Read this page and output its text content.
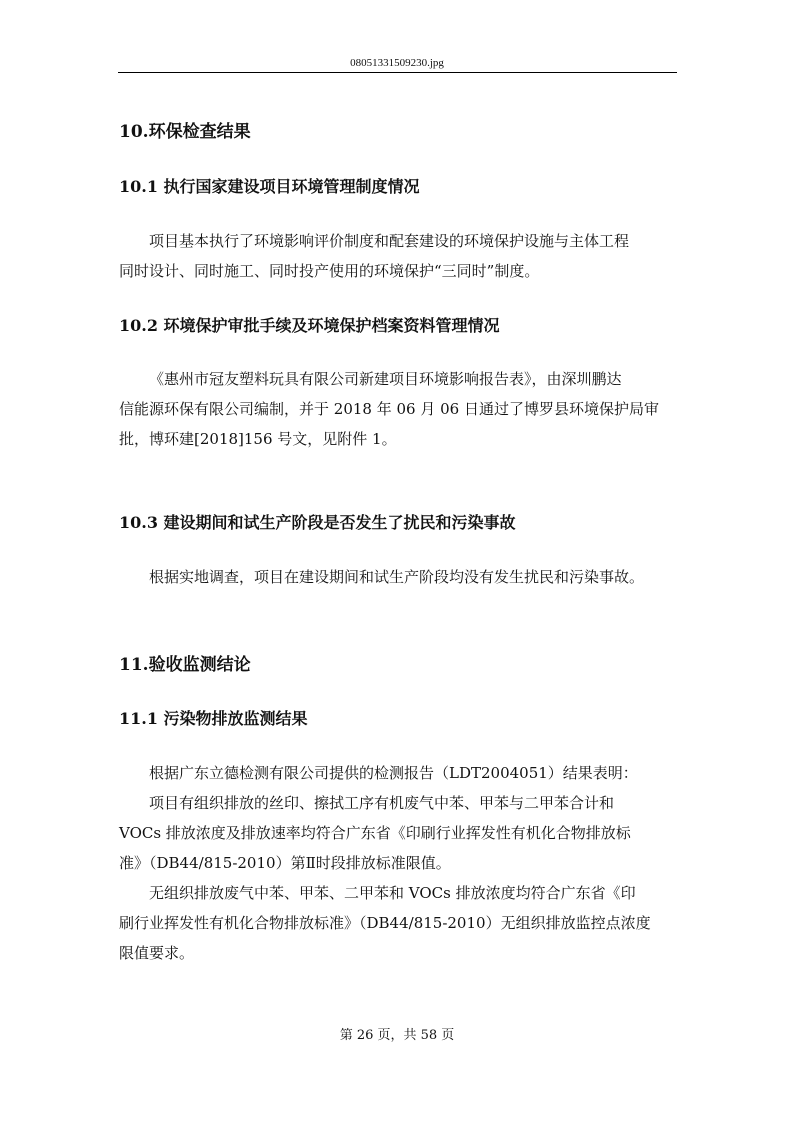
08051331509230.jpg
10.环保检查结果
10.1 执行国家建设项目环境管理制度情况
项目基本执行了环境影响评价制度和配套建设的环境保护设施与主体工程
同时设计、同时施工、同时投产使用的环境保护“三同时”制度。
10.2 环境保护审批手续及环境保护档案资料管理情况
《惠州市冠友塑料玩具有限公司新建项目环境影响报告表》，由深圳鹏达
信能源环保有限公司编制，并于 2018 年 06 月 06 日通过了博罗县环境保护局审
批，博环建[2018]156 号文，见附件 1。
10.3 建设期间和试生产阶段是否发生了扰民和污染事故
根据实地调查，项目在建设期间和试生产阶段均没有发生扰民和污染事故。
11.验收监测结论
11.1 污染物排放监测结果
根据广东立德检测有限公司提供的检测报告（LDT2004051）结果表明：
项目有组织排放的丝印、擦拭工序有机废气中苯、甲苯与二甲苯合计和
VOCs 排放浓度及排放速率均符合广东省《印刷行业挥发性有机化合物排放标
准》（DB44/815-2010）第Ⅱ时段排放标准限值。
无组织排放废气中苯、甲苯、二甲苯和 VOCs 排放浓度均符合广东省《印
刷行业挥发性有机化合物排放标准》（DB44/815-2010）无组织排放监控点浓度
限值要求。
第 26 页，共 58 页
